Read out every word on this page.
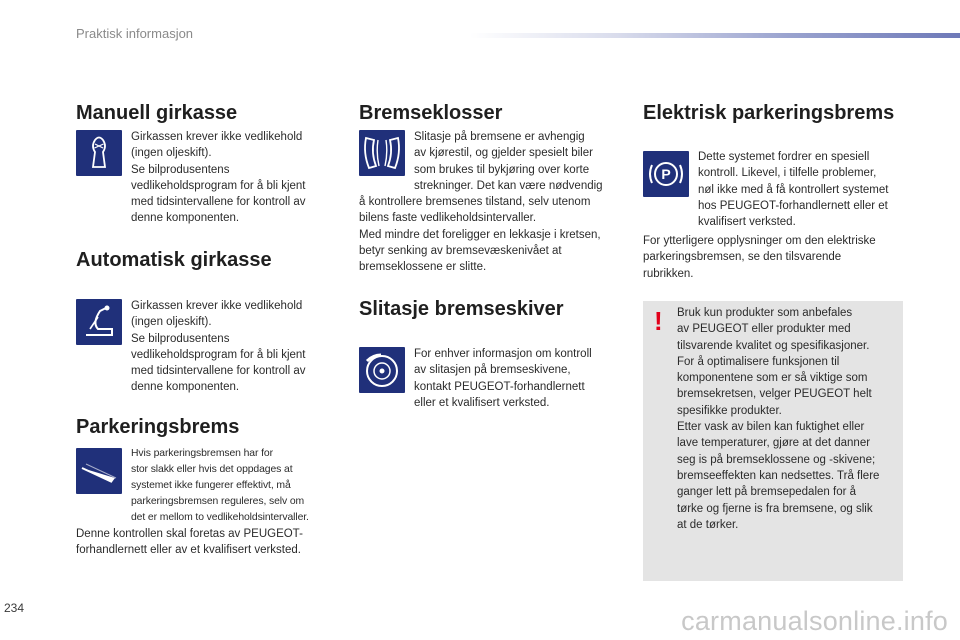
Praktisk informasjon
Manuell girkasse
Girkassen krever ikke vedlikehold
(ingen oljeskift).
Se bilprodusentens
vedlikeholdsprogram for å bli kjent
med tidsintervallene for kontroll av
denne komponenten.
Automatisk girkasse
Girkassen krever ikke vedlikehold
(ingen oljeskift).
Se bilprodusentens
vedlikeholdsprogram for å bli kjent
med tidsintervallene for kontroll av
denne komponenten.
Parkeringsbrems
Hvis parkeringsbremsen har for
stor slakk eller hvis det oppdages at
systemet ikke fungerer effektivt, må
parkeringsbremsen reguleres, selv om
det er mellom to vedlikeholdsintervaller.
Denne kontrollen skal foretas av PEUGEOT-
forhandlernett eller av et kvalifisert verksted.
Bremseklosser
Slitasje på bremsene er avhengig
av kjørestil, og gjelder spesielt biler
som brukes til bykjøring over korte
strekninger. Det kan være nødvendig
å kontrollere bremsenes tilstand, selv utenom
bilens faste vedlikeholdsintervaller.
Med mindre det foreligger en lekkasje i kretsen,
betyr senking av bremsevæskenivået at
bremseklossene er slitte.
Slitasje bremseskiver
For enhver informasjon om kontroll
av slitasjen på bremseskivene,
kontakt PEUGEOT-forhandlernett
eller et kvalifisert verksted.
Elektrisk parkeringsbrems
P
Dette systemet fordrer en spesiell
kontroll. Likevel, i tilfelle problemer,
nøl ikke med å få kontrollert systemet
hos PEUGEOT-forhandlernett eller et
kvalifisert verksted.
For ytterligere opplysninger om den elektriske
parkeringsbremsen, se den tilsvarende
rubrikken.
! Bruk kun produkter som anbefales
av PEUGEOT eller produkter med
tilsvarende kvalitet og spesifikasjoner.
For å optimalisere funksjonen til
komponentene som er så viktige som
bremsekretsen, velger PEUGEOT helt
spesifikke produkter.
Etter vask av bilen kan fuktighet eller
lave temperaturer, gjøre at det danner
seg is på bremseklossene og -skivene;
bremseeffekten kan nedsettes. Trå flere
ganger lett på bremsepedalen for å
tørke og fjerne is fra bremsene, og slik
at de tørker.
234	carmanualsonline.info
